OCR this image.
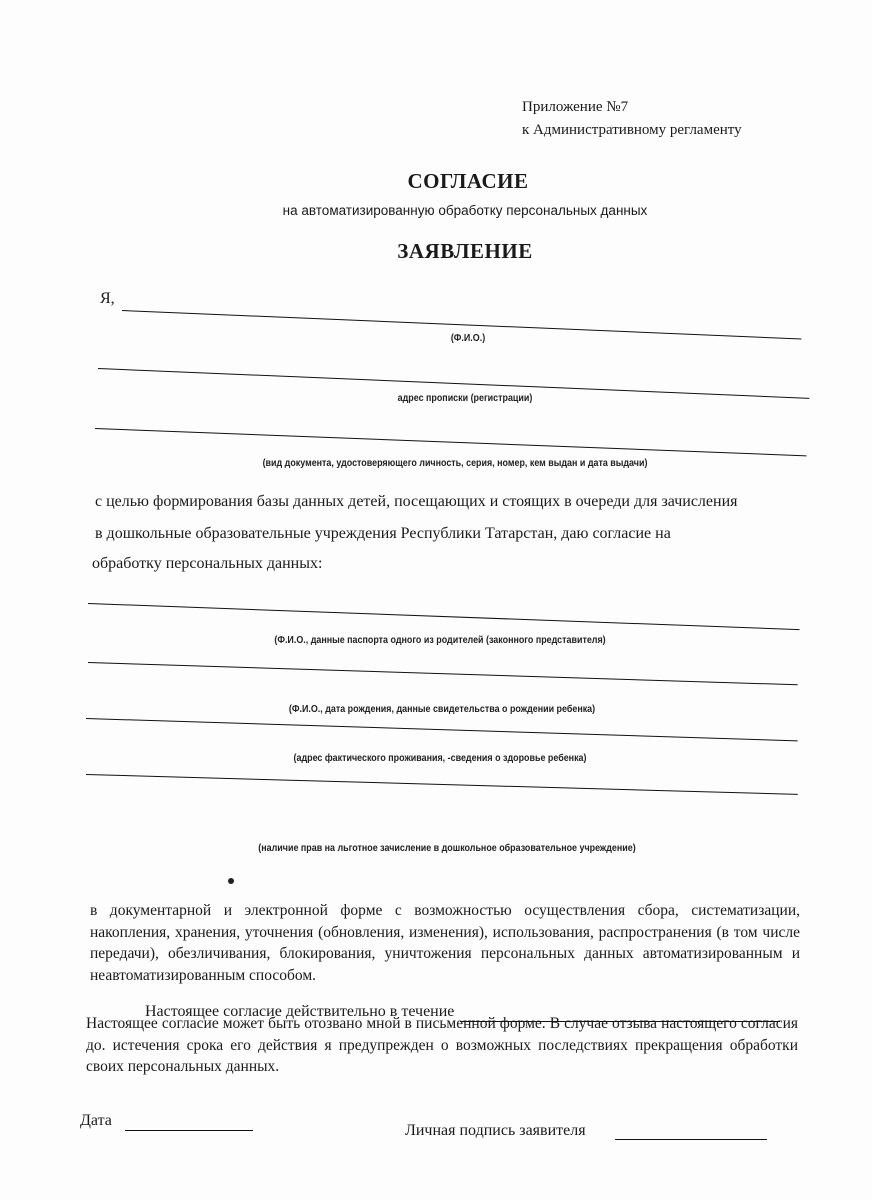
Приложение №7
к Административному регламенту
СОГЛАСИЕ
на автоматизированную обработку персональных данных
ЗАЯВЛЕНИЕ
Я,
(Ф.И.О.)
адрес прописки (регистрации)
(вид документа, удостоверяющего личность, серия, номер, кем выдан и дата выдачи)
с целью формирования базы данных детей, посещающих и стоящих в очереди для зачисления
в дошкольные образовательные учреждения Республики Татарстан, даю согласие на
обработку персональных данных:
(Ф.И.О., данные паспорта одного из родителей (законного представителя)
(Ф.И.О., дата рождения, данные свидетельства о рождении ребенка)
(адрес фактического проживания, -сведения о здоровье ребенка)
(наличие прав на льготное зачисление в дошкольное образовательное учреждение)

в документарной и электронной форме с возможностью осуществления сбора, систематизации, накопления, хранения, уточнения (обновления, изменения), использования, распространения (в том числе передачи), обезличивания, блокирования, уничтожения персональных данных автоматизированным и неавтоматизированным способом.

Настоящее согласие действительно в течение

Настоящее согласие может быть отозвано мной в письменной форме. В случае отзыва настоящего согласия до. истечения срока его действия я предупрежден о возможных последствиях прекращения обработки своих персональных данных.

Дата
Личная подпись заявителя
